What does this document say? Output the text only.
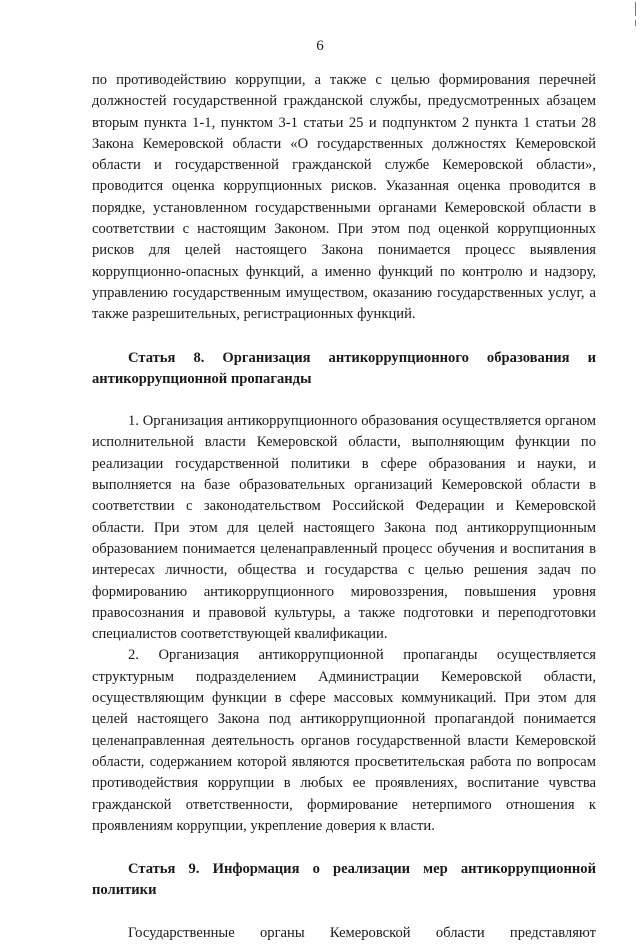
6

по противодействию коррупции, а также с целью формирования перечней должностей государственной гражданской службы, предусмотренных абзацем вторым пункта 1-1, пунктом 3-1 статьи 25 и подпунктом 2 пункта 1 статьи 28 Закона Кемеровской области «О государственных должностях Кемеровской области и государственной гражданской службе Кемеровской области», проводится оценка коррупционных рисков. Указанная оценка проводится в порядке, установленном государственными органами Кемеровской области в соответствии с настоящим Законом. При этом под оценкой коррупционных рисков для целей настоящего Закона понимается процесс выявления коррупционно-опасных функций, а именно функций по контролю и надзору, управлению государственным имуществом, оказанию государственных услуг, а также разрешительных, регистрационных функций.

Статья 8. Организация антикоррупционного образования и антикоррупционной пропаганды

1. Организация антикоррупционного образования осуществляется органом исполнительной власти Кемеровской области, выполняющим функции по реализации государственной политики в сфере образования и науки, и выполняется на базе образовательных организаций Кемеровской области в соответствии с законодательством Российской Федерации и Кемеровской области. При этом для целей настоящего Закона под антикоррупционным образованием понимается целенаправленный процесс обучения и воспитания в интересах личности, общества и государства с целью решения задач по формированию антикоррупционного мировоззрения, повышения уровня правосознания и правовой культуры, а также подготовки и переподготовки специалистов соответствующей квалификации.

2. Организация антикоррупционной пропаганды осуществляется структурным подразделением Администрации Кемеровской области, осуществляющим функции в сфере массовых коммуникаций. При этом для целей настоящего Закона под антикоррупционной пропагандой понимается целенаправленная деятельность органов государственной власти Кемеровской области, содержанием которой являются просветительская работа по вопросам противодействия коррупции в любых ее проявлениях, воспитание чувства гражданской ответственности, формирование нетерпимого отношения к проявлениям коррупции, укрепление доверия к власти.

Статья 9. Информация о реализации мер антикоррупционной политики

Государственные органы Кемеровской области представляют
